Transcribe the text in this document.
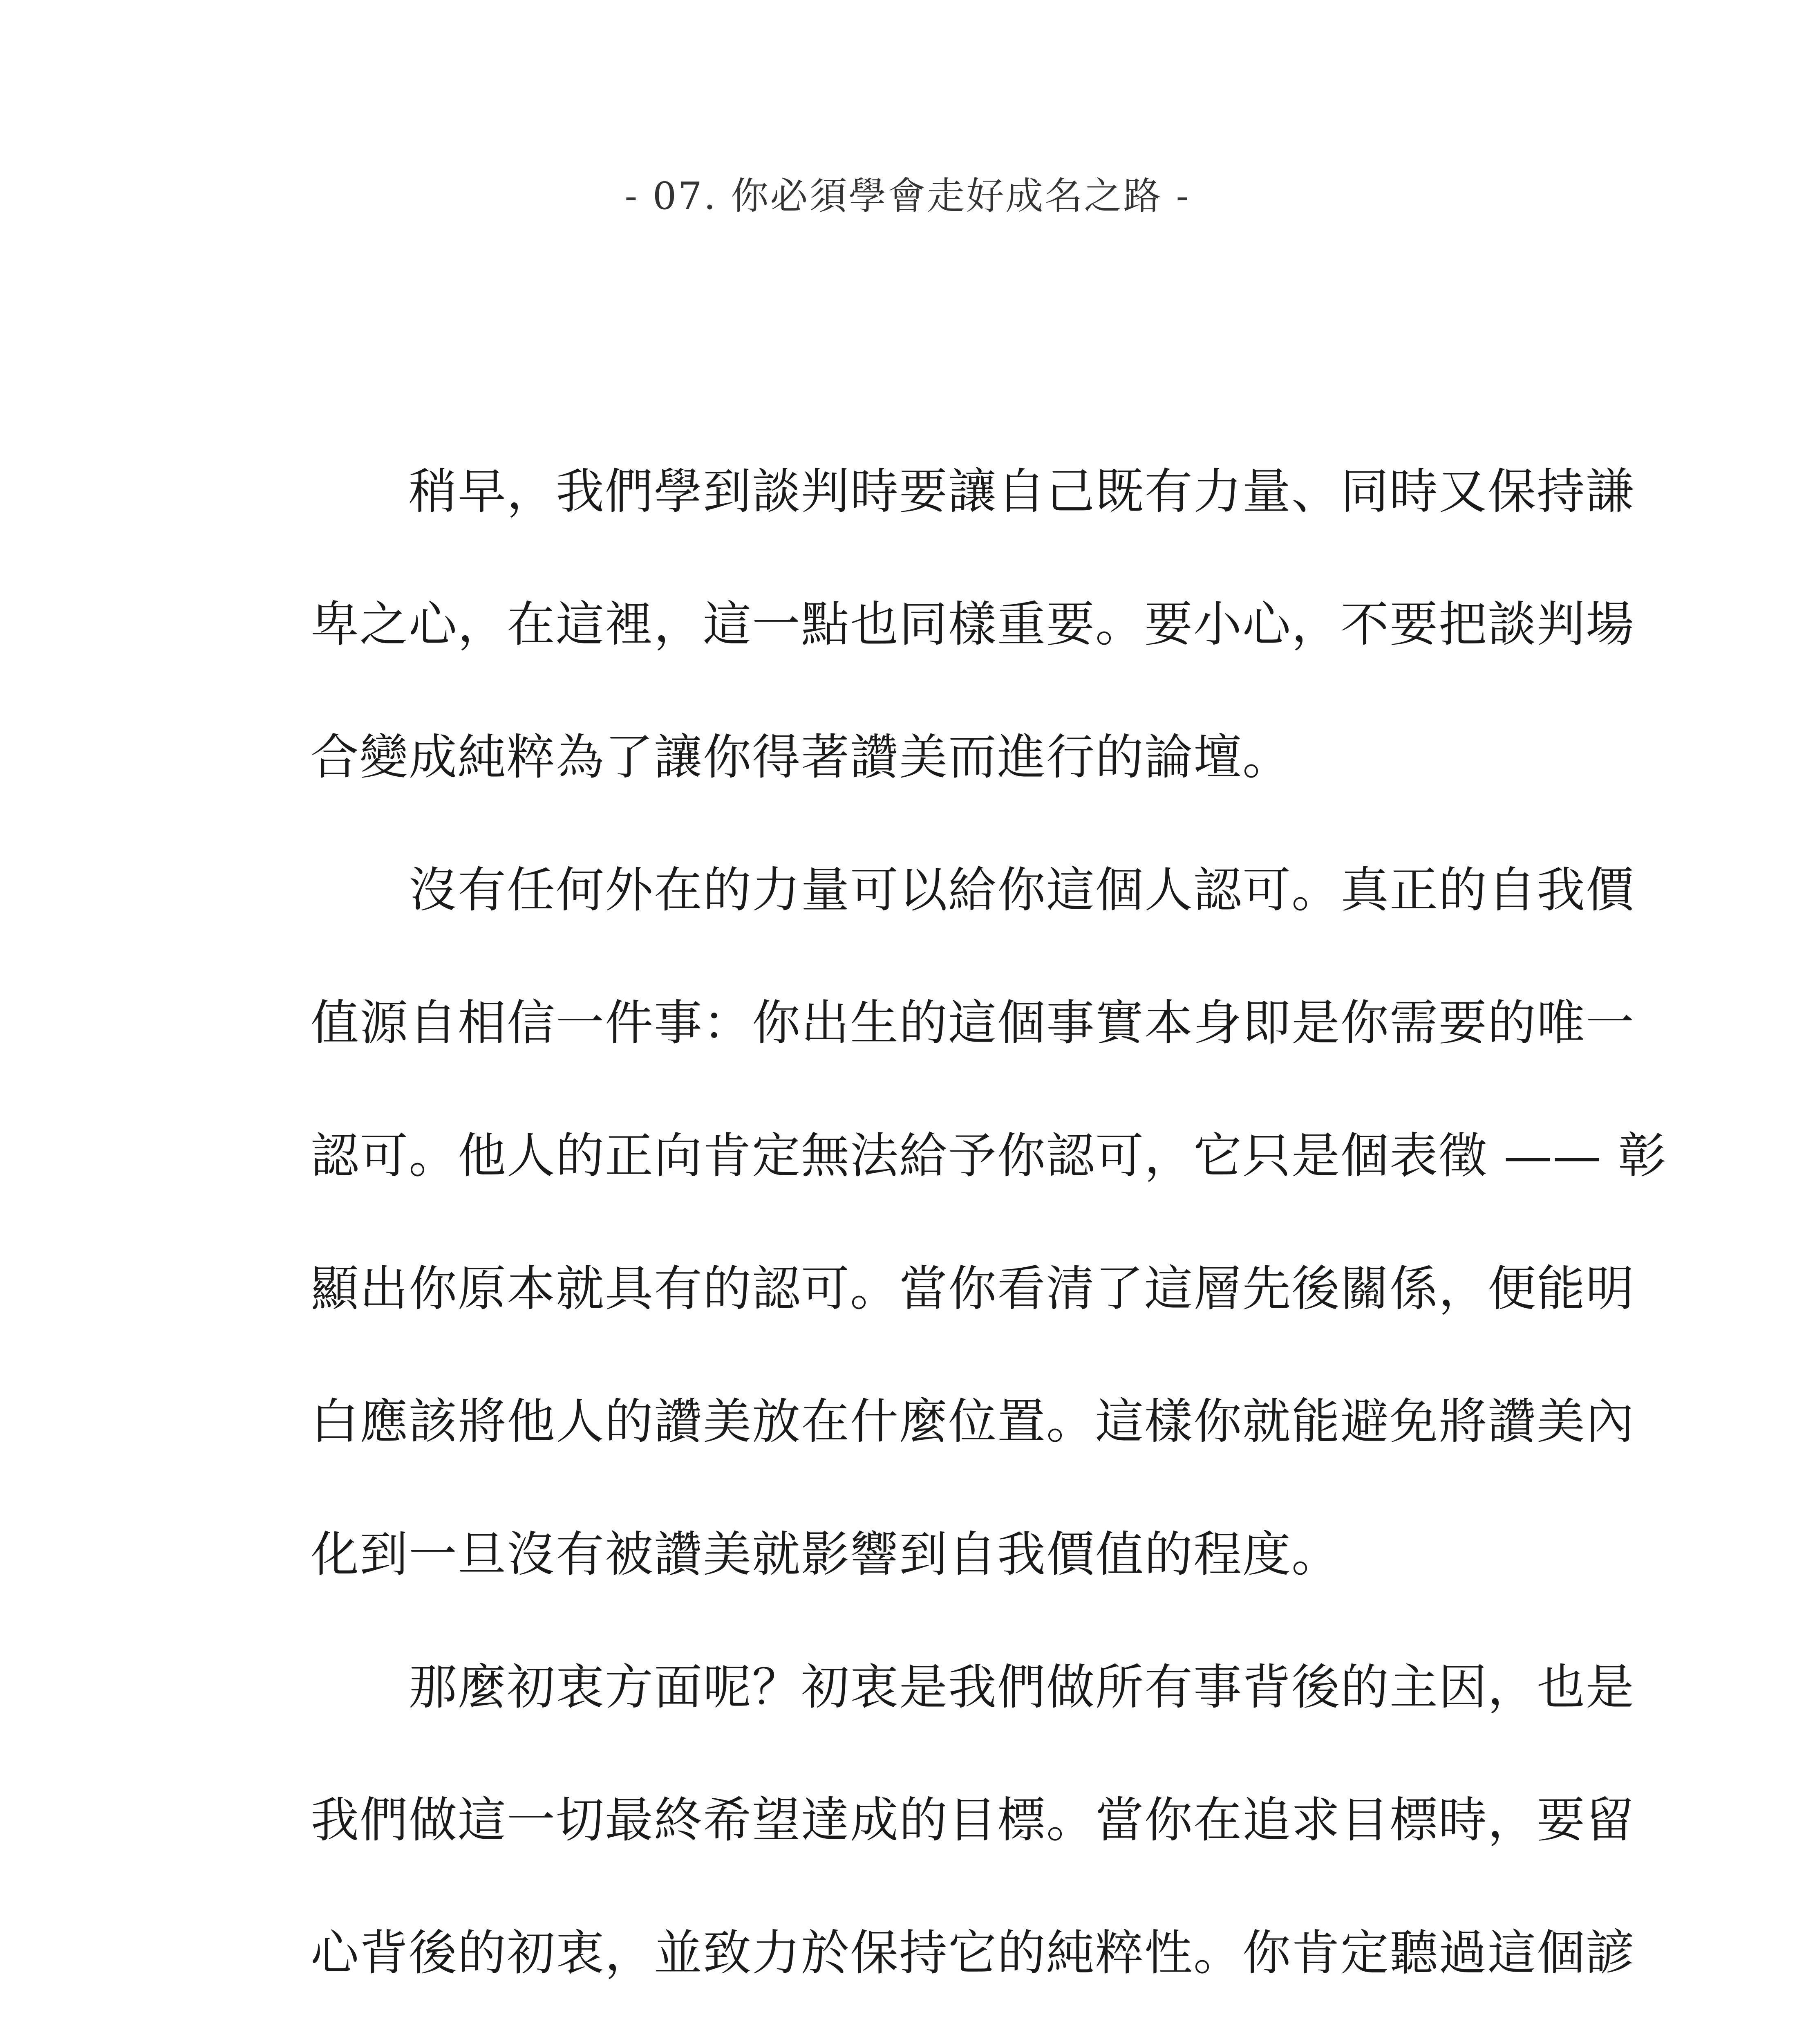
- 07. 你必須學會走好成名之路 -
稍早，我們學到談判時要讓自己既有力量、同時又保持謙
卑之心，在這裡，這一點也同樣重要。要小心，不要把談判場
合變成純粹為了讓你得著讚美而進行的論壇。
沒有任何外在的力量可以給你這個人認可。真正的自我價
值源自相信一件事：你出生的這個事實本身即是你需要的唯一
認可。他人的正向肯定無法給予你認可，它只是個表徵 —— 彰
顯出你原本就具有的認可。當你看清了這層先後關係，便能明
白應該將他人的讚美放在什麼位置。這樣你就能避免將讚美內
化到一旦沒有被讚美就影響到自我價值的程度。
那麼初衷方面呢？初衷是我們做所有事背後的主因，也是
我們做這一切最終希望達成的目標。當你在追求目標時，要留
心背後的初衷，並致力於保持它的純粹性。你肯定聽過這個諺
